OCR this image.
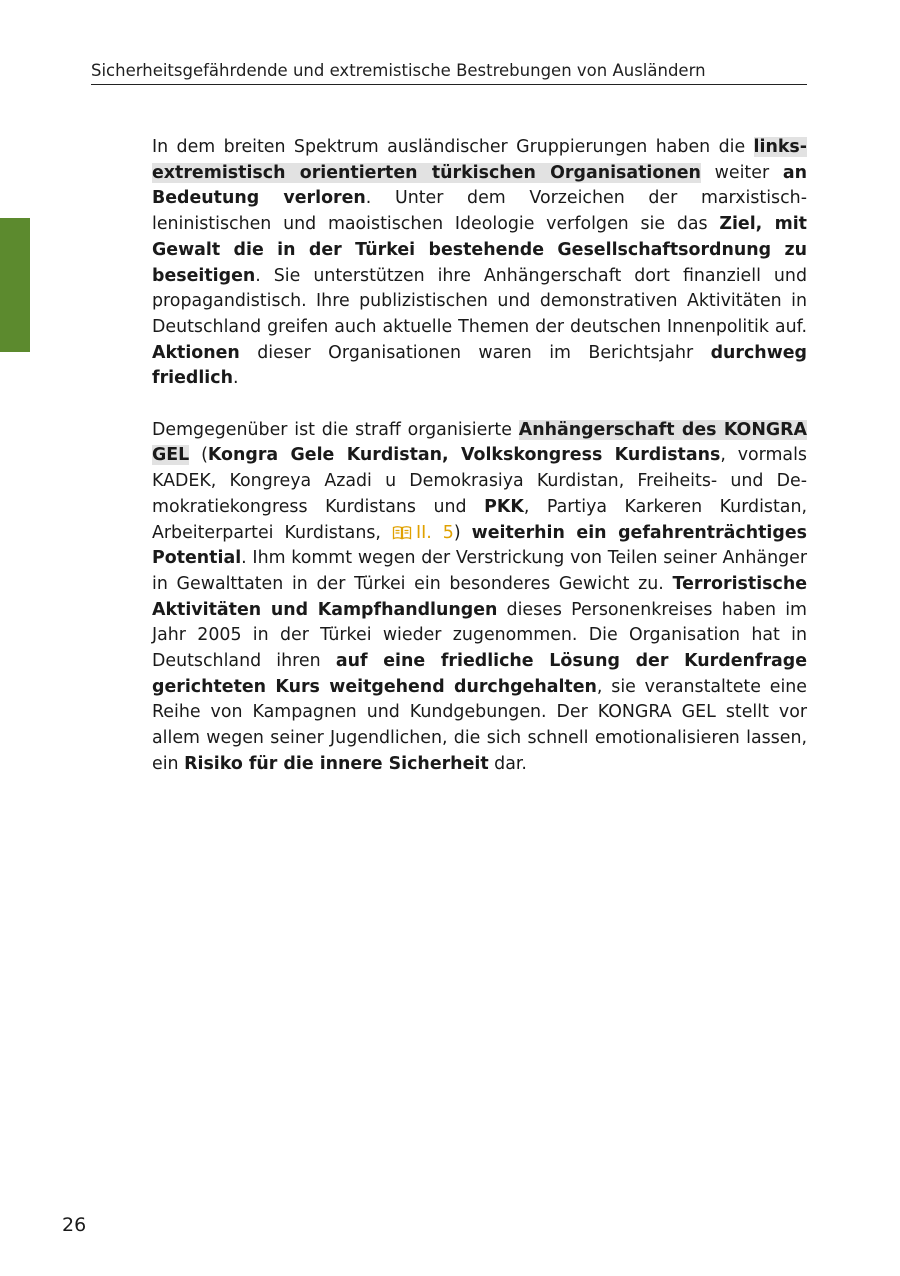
Sicherheitsgefährdende und extremistische Bestrebungen von Ausländern

In dem breiten Spektrum ausländischer Gruppierungen haben die linksextremistisch orientierten türkischen Organisationen weiter an Bedeutung verloren. Unter dem Vorzeichen der marxistisch-leninistischen und maoistischen Ideologie verfolgen sie das Ziel, mit Gewalt die in der Türkei bestehende Gesellschaftsordnung zu beseitigen. Sie unterstützen ihre Anhängerschaft dort finanziell und propagandistisch. Ihre publizistischen und demonstrativen Aktivitäten in Deutschland greifen auch aktuelle Themen der deutschen Innenpolitik auf. Aktionen dieser Organisationen waren im Berichtsjahr durchweg friedlich.

Demgegenüber ist die straff organisierte Anhängerschaft des KONGRA GEL (Kongra Gele Kurdistan, Volkskongress Kurdistans, vormals KADEK, Kongreya Azadi u Demokrasiya Kurdistan, Freiheits- und Demokratiekongress Kurdistans und PKK, Partiya Karkeren Kurdistan, Arbeiterpartei Kurdistans, II. 5) weiterhin ein gefahrenträchtiges Potential. Ihm kommt wegen der Verstrickung von Teilen seiner Anhänger in Gewalttaten in der Türkei ein besonderes Gewicht zu. Terroristische Aktivitäten und Kampfhandlungen dieses Personenkreises haben im Jahr 2005 in der Türkei wieder zugenommen. Die Organisation hat in Deutschland ihren auf eine friedliche Lösung der Kurdenfrage gerichteten Kurs weitgehend durchgehalten, sie veranstaltete eine Reihe von Kampagnen und Kundgebungen. Der KONGRA GEL stellt vor allem wegen seiner Jugendlichen, die sich schnell emotionalisieren lassen, ein Risiko für die innere Sicherheit dar.

26
